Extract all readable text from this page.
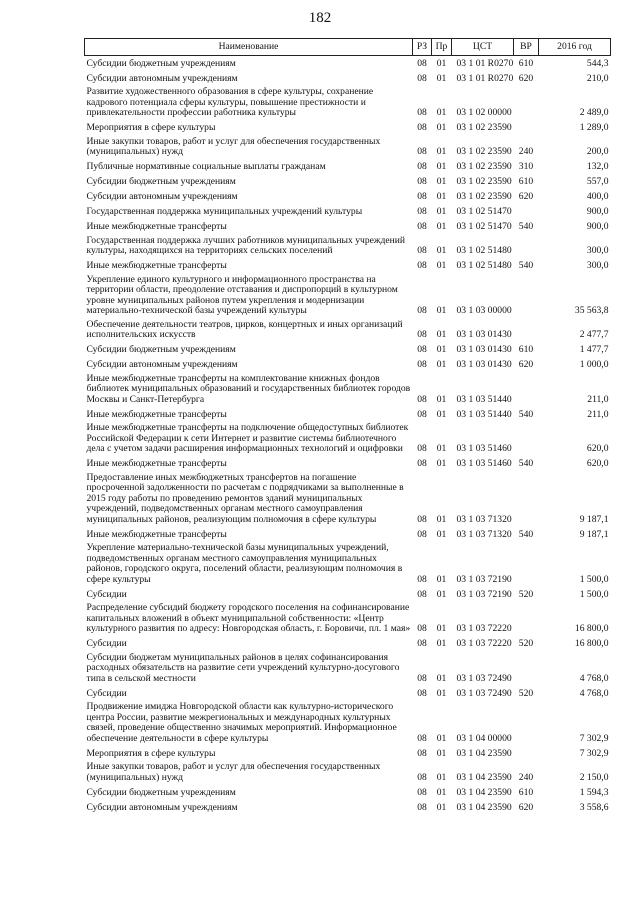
182
Наименование	РЗ	Пр	ЦСТ	ВР	2016 год
Субсидии бюджетным учреждениям	08	01	03 1 01 R0270	610	544,3
Субсидии автономным учреждениям	08	01	03 1 01 R0270	620	210,0
Развитие художественного образования в сфере культуры, сохранение кадрового потенциала сферы культуры, повышение престижности и привлекательности профессии работника культуры	08	01	03 1 02 00000		2 489,0
Мероприятия в сфере культуры	08	01	03 1 02 23590		1 289,0
Иные закупки товаров, работ и услуг для обеспечения государственных (муниципальных) нужд	08	01	03 1 02 23590	240	200,0
Публичные нормативные социальные выплаты гражданам	08	01	03 1 02 23590	310	132,0
Субсидии бюджетным учреждениям	08	01	03 1 02 23590	610	557,0
Субсидии автономным учреждениям	08	01	03 1 02 23590	620	400,0
Государственная поддержка муниципальных учреждений культуры	08	01	03 1 02 51470		900,0
Иные межбюджетные трансферты	08	01	03 1 02 51470	540	900,0
Государственная поддержка лучших работников муниципальных учреждений культуры, находящихся на территориях сельских поселений	08	01	03 1 02 51480		300,0
Иные межбюджетные трансферты	08	01	03 1 02 51480	540	300,0
Укрепление единого культурного и информационного пространства на территории области, преодоление отставания и диспропорций в культурном уровне муниципальных районов путем укрепления и модернизации материально-технической базы учреждений культуры	08	01	03 1 03 00000		35 563,8
Обеспечение деятельности театров, цирков, концертных и иных организаций исполнительских искусств	08	01	03 1 03 01430		2 477,7
Субсидии бюджетным учреждениям	08	01	03 1 03 01430	610	1 477,7
Субсидии автономным учреждениям	08	01	03 1 03 01430	620	1 000,0
Иные межбюджетные трансферты на комплектование книжных фондов библиотек муниципальных образований и государственных библиотек городов Москвы и Санкт-Петербурга	08	01	03 1 03 51440		211,0
Иные межбюджетные трансферты	08	01	03 1 03 51440	540	211,0
Иные межбюджетные трансферты на подключение общедоступных библиотек Российской Федерации к сети Интернет и развитие системы библиотечного дела с учетом задачи расширения информационных технологий и оцифровки	08	01	03 1 03 51460		620,0
Иные межбюджетные трансферты	08	01	03 1 03 51460	540	620,0
Предоставление иных межбюджетных трансфертов на погашение просроченной задолженности по расчетам с подрядчиками за выполненные в 2015 году работы по проведению ремонтов зданий муниципальных учреждений, подведомственных органам местного самоуправления муниципальных районов, реализующим полномочия в сфере культуры	08	01	03 1 03 71320		9 187,1
Иные межбюджетные трансферты	08	01	03 1 03 71320	540	9 187,1
Укрепление материально-технической базы муниципальных учреждений, подведомственных органам местного самоуправления муниципальных районов, городского округа, поселений области, реализующим полномочия в сфере культуры	08	01	03 1 03 72190		1 500,0
Субсидии	08	01	03 1 03 72190	520	1 500,0
Распределение субсидий бюджету городского поселения на софинансирование капитальных вложений в объект муниципальной собственности: «Центр культурного развития по адресу: Новгородская область, г. Боровичи, пл. 1 мая»	08	01	03 1 03 72220		16 800,0
Субсидии	08	01	03 1 03 72220	520	16 800,0
Субсидии бюджетам муниципальных районов в целях софинансирования расходных обязательств на развитие сети учреждений культурно-досугового типа в сельской местности	08	01	03 1 03 72490		4 768,0
Субсидии	08	01	03 1 03 72490	520	4 768,0
Продвижение имиджа Новгородской области как культурно-исторического центра России, развитие межрегиональных и международных культурных связей, проведение общественно значимых мероприятий. Информационное обеспечение деятельности в сфере культуры	08	01	03 1 04 00000		7 302,9
Мероприятия в сфере культуры	08	01	03 1 04 23590		7 302,9
Иные закупки товаров, работ и услуг для обеспечения государственных (муниципальных) нужд	08	01	03 1 04 23590	240	2 150,0
Субсидии бюджетным учреждениям	08	01	03 1 04 23590	610	1 594,3
Субсидии автономным учреждениям	08	01	03 1 04 23590	620	3 558,6
